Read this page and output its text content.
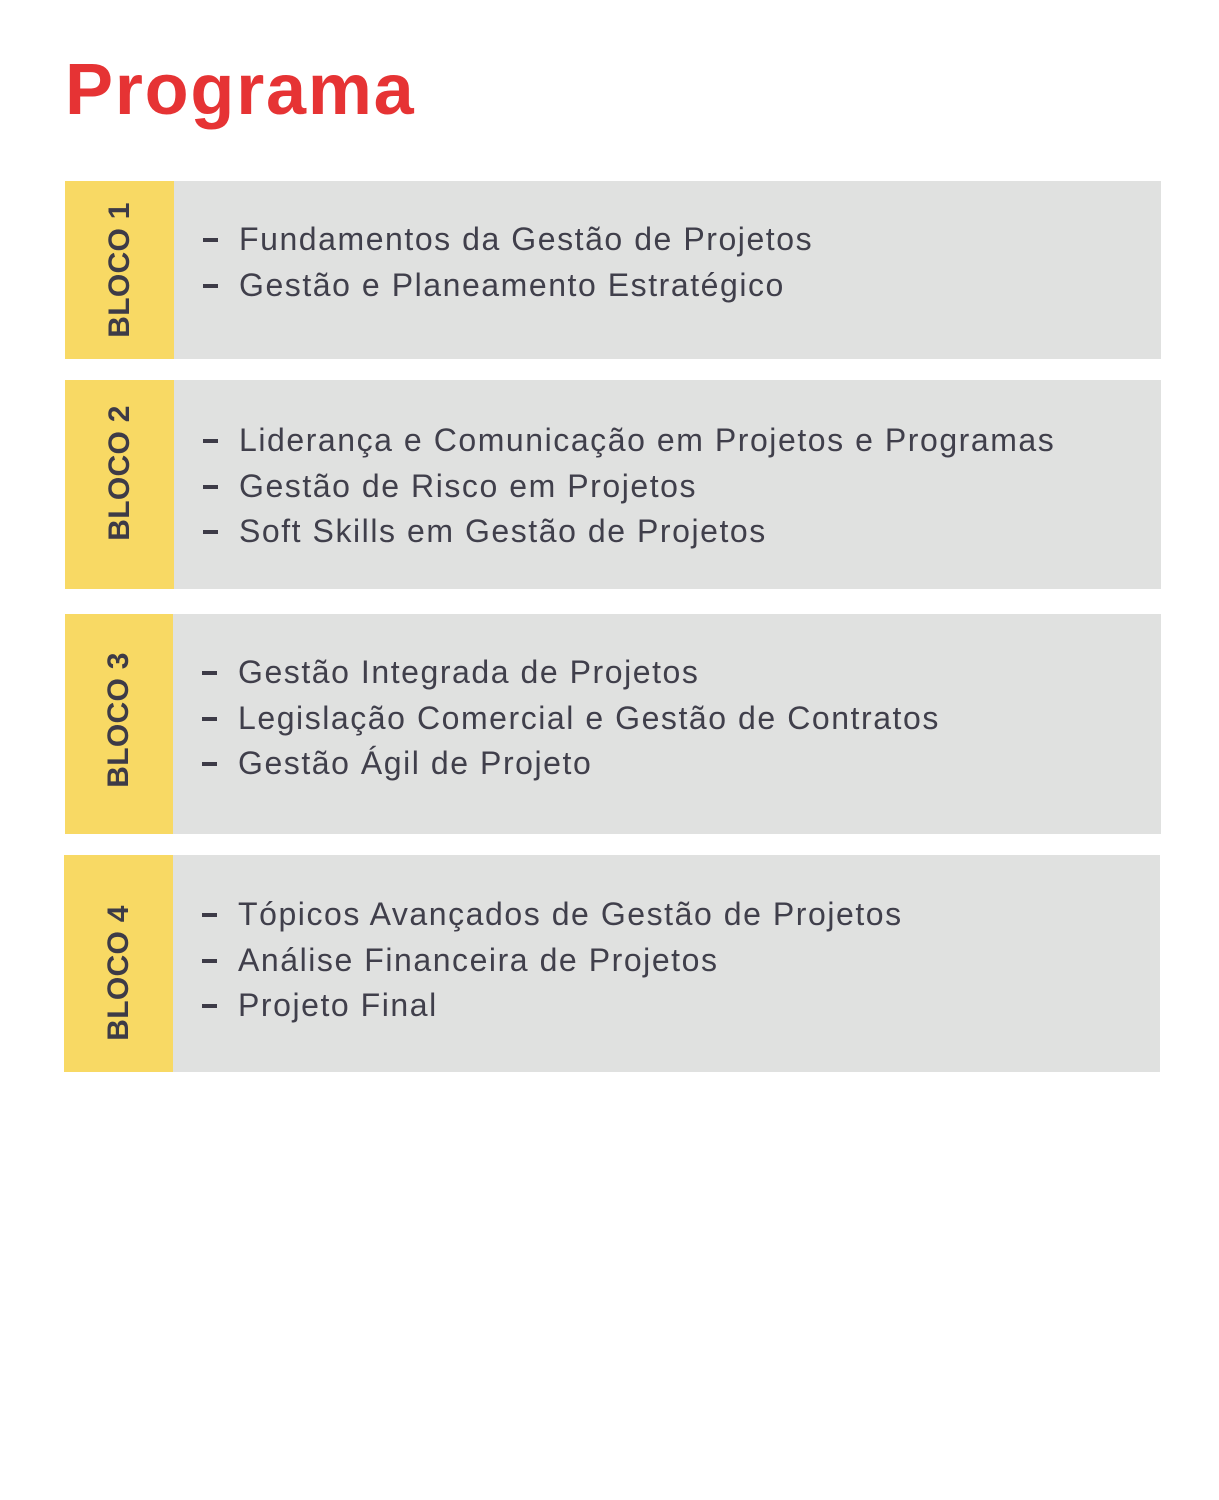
Programa
BLOCO 1	Fundamentos da Gestão de Projetos
Gestão e Planeamento Estratégico
BLOCO 2	Liderança e Comunicação em Projetos e Programas
Gestão de Risco em Projetos
Soft Skills em Gestão de Projetos
BLOCO 3	Gestão Integrada de Projetos
Legislação Comercial e Gestão de Contratos
Gestão Ágil de Projeto
BLOCO 4	Tópicos Avançados de Gestão de Projetos
Análise Financeira de Projetos
Projeto Final
